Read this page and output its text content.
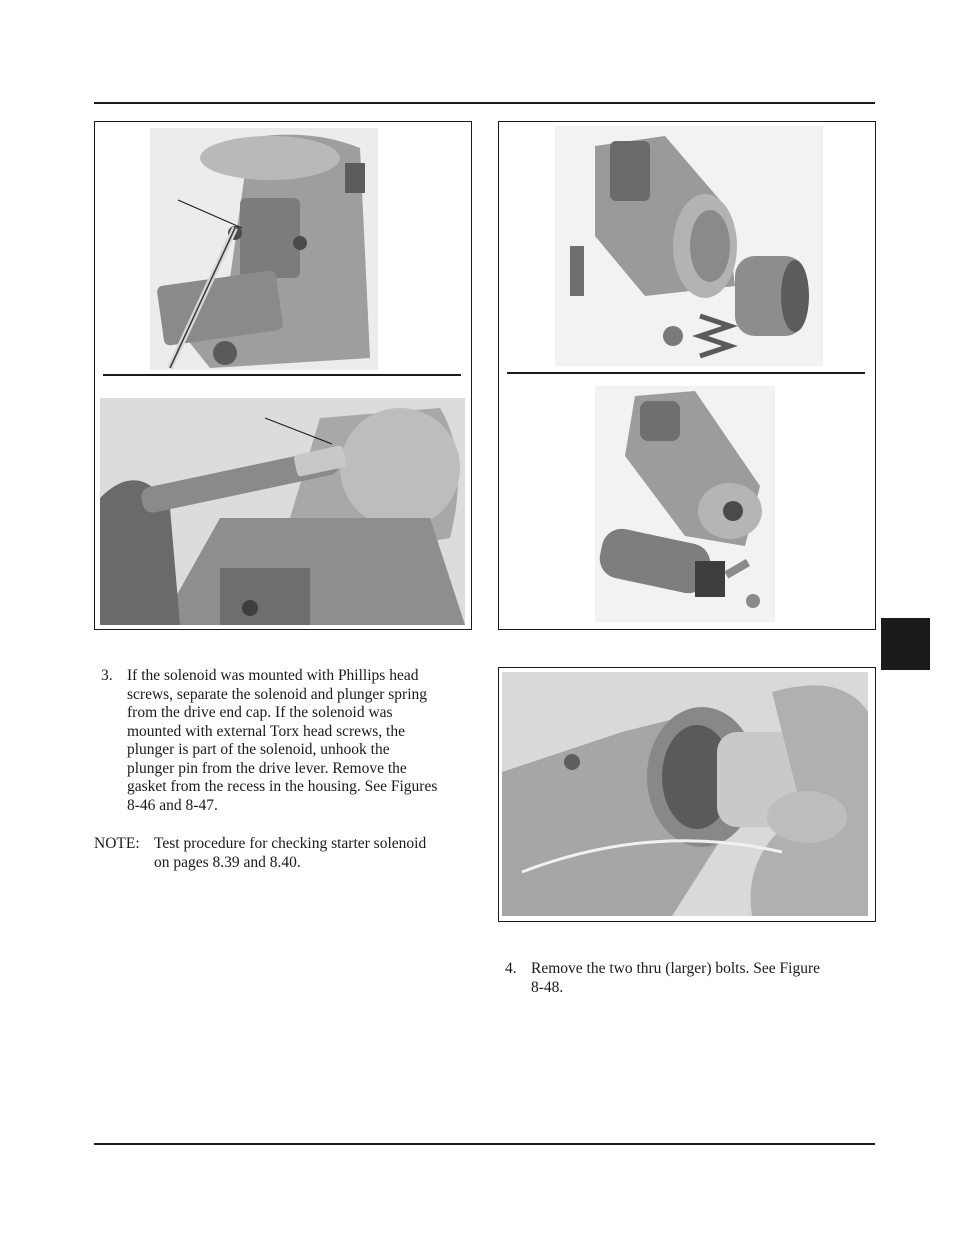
3. If the solenoid was mounted with Phillips head
screws, separate the solenoid and plunger spring
from the drive end cap. If the solenoid was
mounted with external Torx head screws, the
plunger is part of the solenoid, unhook the
plunger pin from the drive lever. Remove the
gasket from the recess in the housing. See Figures
8-46 and 8-47.
NOTE: Test procedure for checking starter solenoid
on pages 8.39 and 8.40.
4. Remove the two thru (larger) bolts. See Figure
8-48.
